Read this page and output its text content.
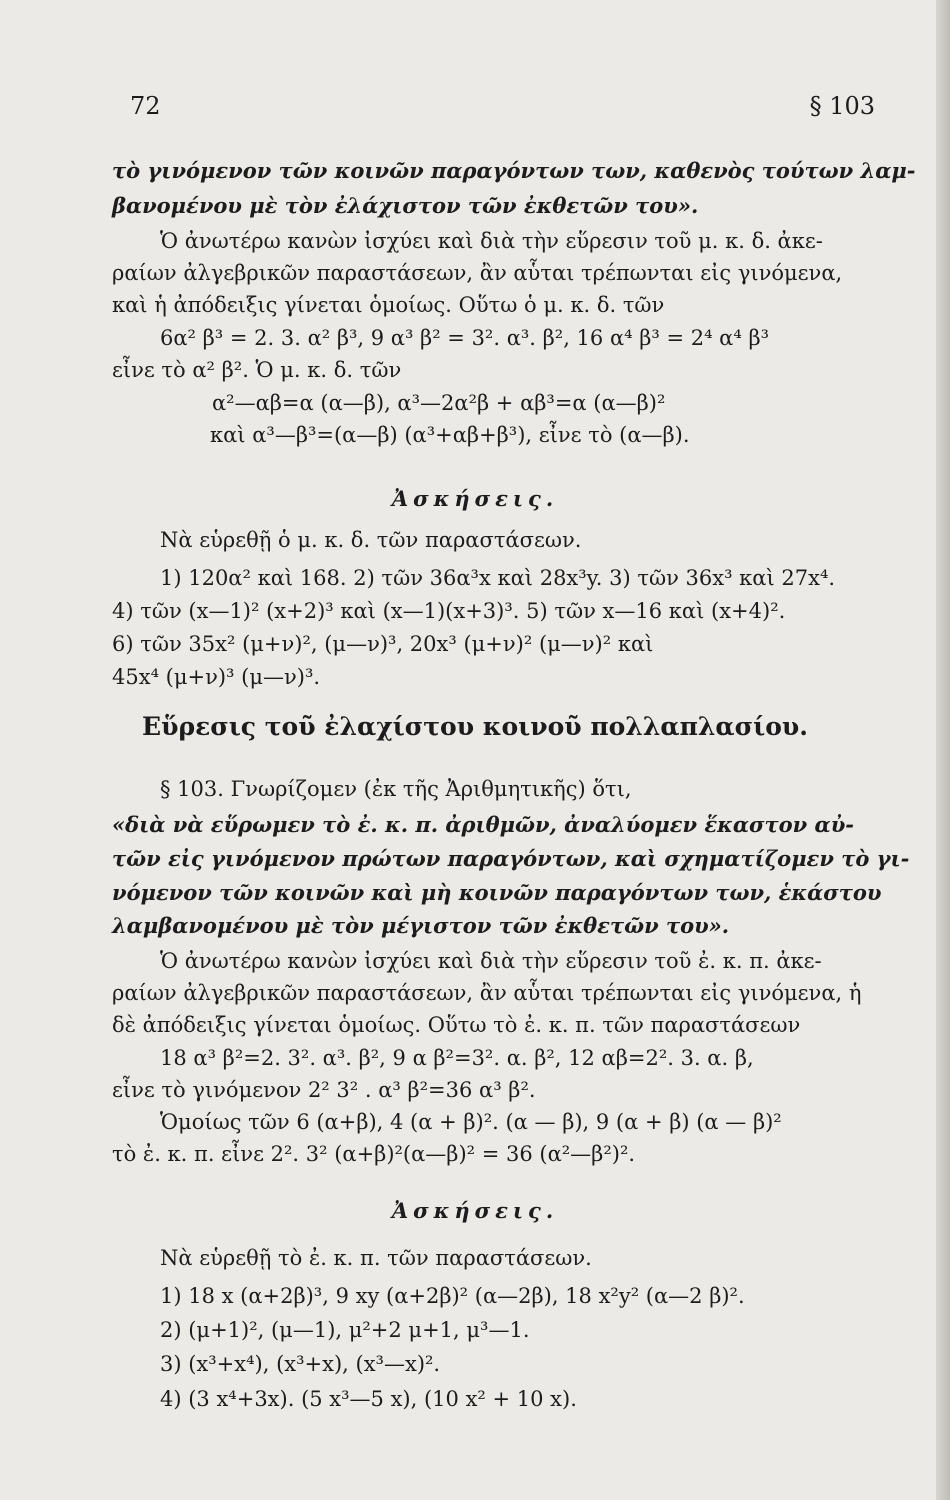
72	§ 103
τὸ γινόμενον τῶν κοινῶν παραγόντων των, καθενὸς τούτων λαμ-
βανομένου μὲ τὸν ἐλάχιστον τῶν ἐκθετῶν του».
Ὁ ἀνωτέρω κανὼν ἰσχύει καὶ διὰ τὴν εὕρεσιν τοῦ μ. κ. δ. ἀκε-
ραίων ἀλγεβρικῶν παραστάσεων, ἂν αὗται τρέπωνται εἰς γινόμενα,
καὶ ἡ ἀπόδειξις γίνεται ὁμοίως. Οὕτω ὁ μ. κ. δ. τῶν
6α² β³ = 2. 3. α² β³, 9 α³ β² = 3². α³. β², 16 α⁴ β³ = 2⁴ α⁴ β³
εἶνε τὸ α² β². Ὁ μ. κ. δ. τῶν
α²—αβ=α (α—β), α³—2α²β + αβ³=α (α—β)²
καὶ α³—β³=(α—β) (α³+αβ+β³), εἶνε τὸ (α—β).
Ἀσκήσεις.
Νὰ εὑρεθῇ ὁ μ. κ. δ. τῶν παραστάσεων.
1) 120α² καὶ 168. 2) τῶν 36α³x καὶ 28x³y. 3) τῶν 36x³ καὶ 27x⁴.
4) τῶν (x—1)² (x+2)³ καὶ (x—1)(x+3)³. 5) τῶν x—16 καὶ (x+4)².
6) τῶν 35x² (μ+ν)², (μ—ν)³, 20x³ (μ+ν)² (μ—ν)² καὶ
45x⁴ (μ+ν)³ (μ—ν)³.
Εὕρεσις τοῦ ἐλαχίστου κοινοῦ πολλαπλασίου.
§ 103. Γνωρίζομεν (ἐκ τῆς Ἀριθμητικῆς) ὅτι,
«διὰ νὰ εὕρωμεν τὸ ἐ. κ. π. ἀριθμῶν, ἀναλύομεν ἕκαστον αὐ-
τῶν εἰς γινόμενον πρώτων παραγόντων, καὶ σχηματίζομεν τὸ γι-
νόμενον τῶν κοινῶν καὶ μὴ κοινῶν παραγόντων των, ἑκάστου
λαμβανομένου μὲ τὸν μέγιστον τῶν ἐκθετῶν του».
Ὁ ἀνωτέρω κανὼν ἰσχύει καὶ διὰ τὴν εὕρεσιν τοῦ ἐ. κ. π. ἀκε-
ραίων ἀλγεβρικῶν παραστάσεων, ἂν αὗται τρέπωνται εἰς γινόμενα, ἡ
δὲ ἀπόδειξις γίνεται ὁμοίως. Οὕτω τὸ ἐ. κ. π. τῶν παραστάσεων
18 α³ β²=2. 3². α³. β², 9 α β²=3². α. β², 12 αβ=2². 3. α. β,
εἶνε τὸ γινόμενον 2² 3² . α³ β²=36 α³ β².
Ὁμοίως τῶν 6 (α+β), 4 (α + β)². (α — β), 9 (α + β) (α — β)²
τὸ ἐ. κ. π. εἶνε 2². 3² (α+β)²(α—β)² = 36 (α²—β²)².
Ἀσκήσεις.
Νὰ εὑρεθῇ τὸ ἐ. κ. π. τῶν παραστάσεων.
1) 18 x (α+2β)³, 9 xy (α+2β)² (α—2β), 18 x²y² (α—2 β)².
2) (μ+1)², (μ—1), μ²+2 μ+1, μ³—1.
3) (x³+x⁴), (x³+x), (x³—x)².
4) (3 x⁴+3x). (5 x³—5 x), (10 x² + 10 x).
